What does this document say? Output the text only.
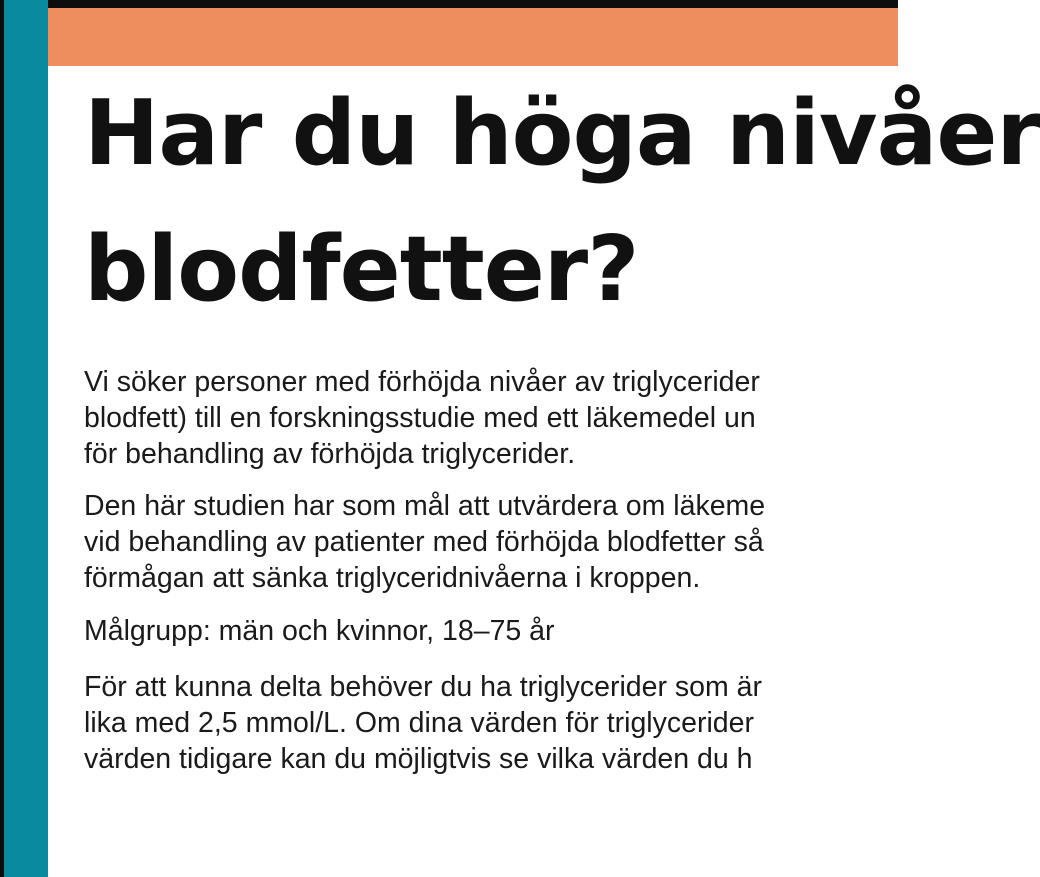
Har du höga nivåer
blodfetter?
Vi söker personer med förhöjda nivåer av triglycerider
blodfett) till en forskningsstudie med ett läkemedel un
för behandling av förhöjda triglycerider.
Den här studien har som mål att utvärdera om läkeme
vid behandling av patienter med förhöjda blodfetter så
förmågan att sänka triglyceridnivåerna i kroppen.
Målgrupp: män och kvinnor, 18–75 år
För att kunna delta behöver du ha triglycerider som är
lika med 2,5 mmol/L. Om dina värden för triglycerider
värden tidigare kan du möjligtvis se vilka värden du h
